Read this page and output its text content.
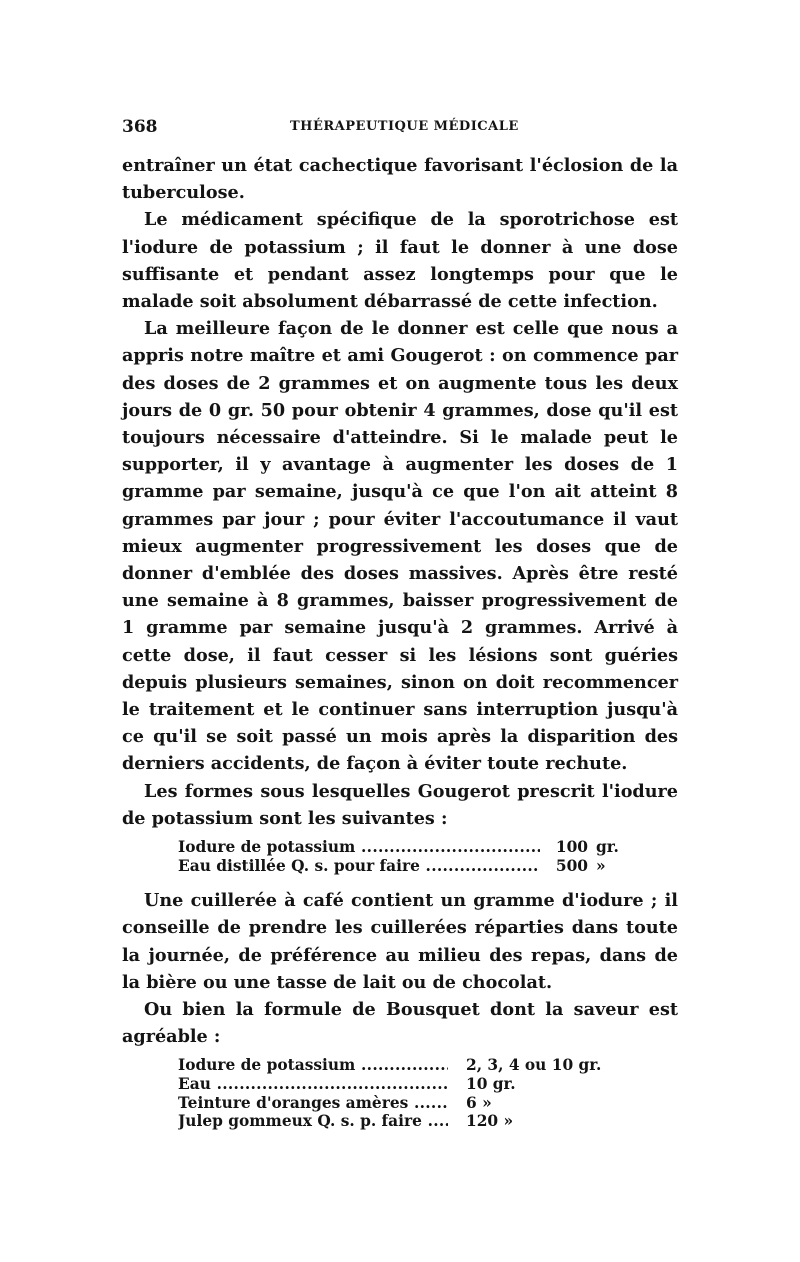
368	THÉRAPEUTIQUE MÉDICALE

entraîner un état cachectique favorisant l'éclosion de la tuberculose.

Le médicament spécifique de la sporotrichose est l'iodure de potassium ; il faut le donner à une dose suffisante et pendant assez longtemps pour que le malade soit absolument débarrassé de cette infection.

La meilleure façon de le donner est celle que nous a appris notre maître et ami Gougerot : on commence par des doses de 2 grammes et on augmente tous les deux jours de 0 gr. 50 pour obtenir 4 grammes, dose qu'il est toujours nécessaire d'atteindre. Si le malade peut le supporter, il y avantage à augmenter les doses de 1 gramme par semaine, jusqu'à ce que l'on ait atteint 8 grammes par jour ; pour éviter l'accoutumance il vaut mieux augmenter progressivement les doses que de donner d'emblée des doses massives. Après être resté une semaine à 8 grammes, baisser progressivement de 1 gramme par semaine jusqu'à 2 grammes. Arrivé à cette dose, il faut cesser si les lésions sont guéries depuis plusieurs semaines, sinon on doit recommencer le traitement et le continuer sans interruption jusqu'à ce qu'il se soit passé un mois après la disparition des derniers accidents, de façon à éviter toute rechute.

Les formes sous lesquelles Gougerot prescrit l'iodure de potassium sont les suivantes :

Iodure de potassium .....	100 gr.
Eau distillée Q. s. pour faire .....	500 »

Une cuillerée à café contient un gramme d'iodure ; il conseille de prendre les cuillerées réparties dans toute la journée, de préférence au milieu des repas, dans de la bière ou une tasse de lait ou de chocolat.

Ou bien la formule de Bousquet dont la saveur est agréable :

Iodure de potassium .....	2, 3, 4 ou 10 gr.
Eau .....	10 gr.
Teinture d'oranges amères .....	6 »
Julep gommeux Q. s. p. faire .....	120 »
